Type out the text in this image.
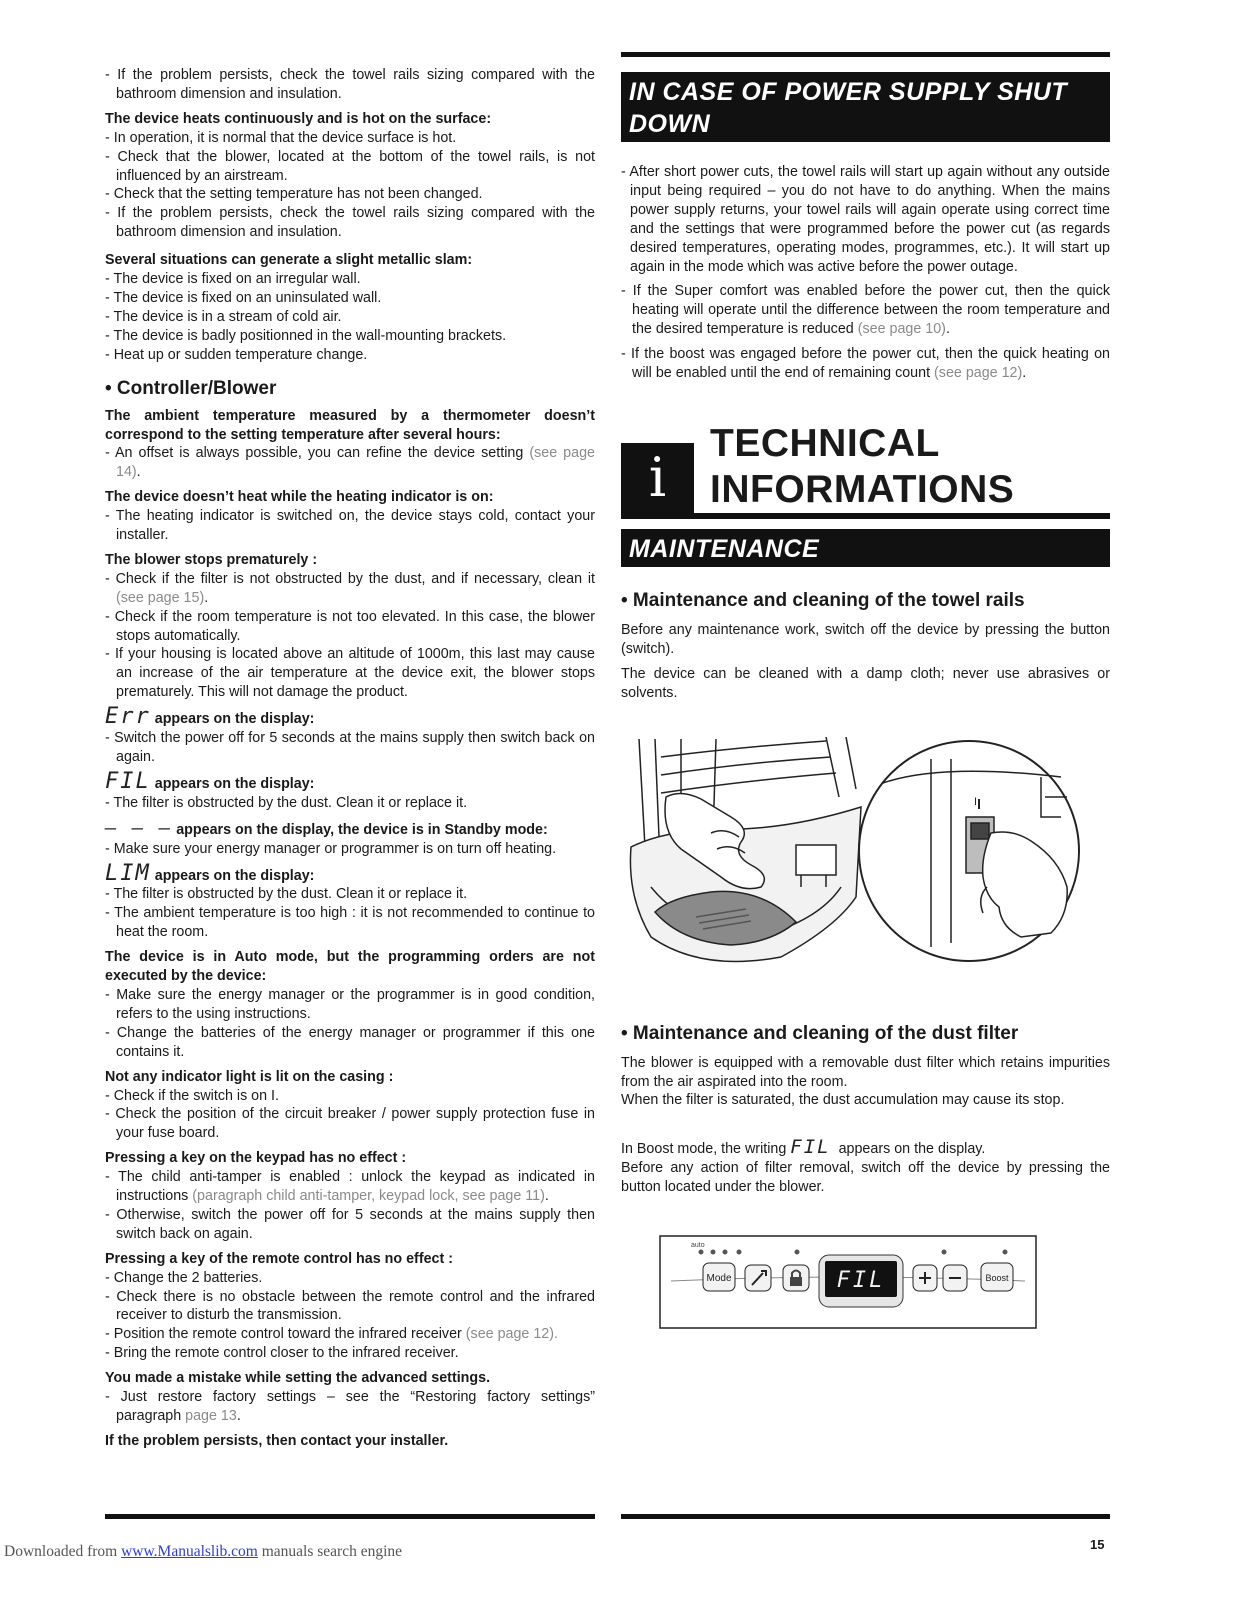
- If the problem persists, check the towel rails sizing compared with the bathroom dimension and insulation.

The device heats continuously and is hot on the surface:

- In operation, it is normal that the device surface is hot.

- Check that the blower, located at the bottom of the towel rails, is not influenced by an airstream.

- Check that the setting temperature has not been changed.

- If the problem persists, check the towel rails sizing compared with the bathroom dimension and insulation.

Several situations can generate a slight metallic slam:

- The device is fixed on an irregular wall.

- The device is fixed on an uninsulated wall.

- The device is in a stream of cold air.

- The device is badly positionned in the wall-mounting brackets.

- Heat up or sudden temperature change.

• Controller/Blower

The ambient temperature measured by a thermometer doesn’t correspond to the setting temperature after several hours:

- An offset is always possible, you can refine the device setting (see page 14).

The device doesn’t heat while the heating indicator is on:

- The heating indicator is switched on, the device stays cold, contact your installer.

The blower stops prematurely :

- Check if the filter is not obstructed by the dust, and if necessary, clean it (see page 15).

- Check if the room temperature is not too elevated. In this case, the blower stops automatically.

- If your housing is located above an altitude of 1000m, this last may cause an increase of the air temperature at the device exit, the blower stops prematurely. This will not damage the product.

Err appears on the display:

- Switch the power off for 5 seconds at the mains supply then switch back on again.

FIL appears on the display:

- The filter is obstructed by the dust. Clean it or replace it.

– – – appears on the display, the device is in Standby mode:

- Make sure your energy manager or programmer is on turn off heating.

LIM appears on the display:

- The filter is obstructed by the dust. Clean it or replace it.

- The ambient temperature is too high : it is not recommended to continue to heat the room.

The device is in Auto mode, but the programming orders are not executed by the device:

- Make sure the energy manager or the programmer is in good condition, refers to the using instructions.

- Change the batteries of the energy manager or programmer if this one contains it.

Not any indicator light is lit on the casing :

- Check if the switch is on I.

- Check the position of the circuit breaker / power supply protection fuse in your fuse board.

Pressing a key on the keypad has no effect :

- The child anti-tamper is enabled : unlock the keypad as indicated in instructions (paragraph child anti-tamper, keypad lock, see page 11).

- Otherwise, switch the power off for 5 seconds at the mains supply then switch back on again.

Pressing a key of the remote control has no effect :

- Change the 2 batteries.

- Check there is no obstacle between the remote control and the infrared receiver to disturb the transmission.

- Position the remote control toward the infrared receiver (see page 12).

- Bring the remote control closer to the infrared receiver.

You made a mistake while setting the advanced settings.

- Just restore factory settings – see the “Restoring factory settings” paragraph page 13.

If the problem persists, then contact your installer.

IN CASE OF POWER SUPPLY SHUT DOWN

- After short power cuts, the towel rails will start up again without any outside input being required – you do not have to do anything. When the mains power supply returns, your towel rails will again operate using correct time and the settings that were programmed before the power cut (as regards desired temperatures, operating modes, programmes, etc.). It will start up again in the mode which was active before the power outage.

- If the Super comfort was enabled before the power cut, then the quick heating will operate until the difference between the room temperature and the desired temperature is reduced (see page 10).

- If the boost was engaged before the power cut, then the quick heating on will be enabled until the end of remaining count (see page 12).

i
TECHNICAL
INFORMATIONS
MAINTENANCE
• Maintenance and cleaning of the towel rails

Before any maintenance work, switch off the device by pressing the button (switch).

The device can be cleaned with a damp cloth; never use abrasives or solvents.

I
• Maintenance and cleaning of the dust filter

The blower is equipped with a removable dust filter which retains impurities from the air aspirated into the room.

When the filter is saturated, the dust accumulation may cause its stop.

In Boost mode, the writing FIL appears on the display.

Before any action of filter removal, switch off the device by pressing the button located under the blower.

auto
Mode	FIL	Boost
15
Downloaded from www.Manualslib.com manuals search engine
